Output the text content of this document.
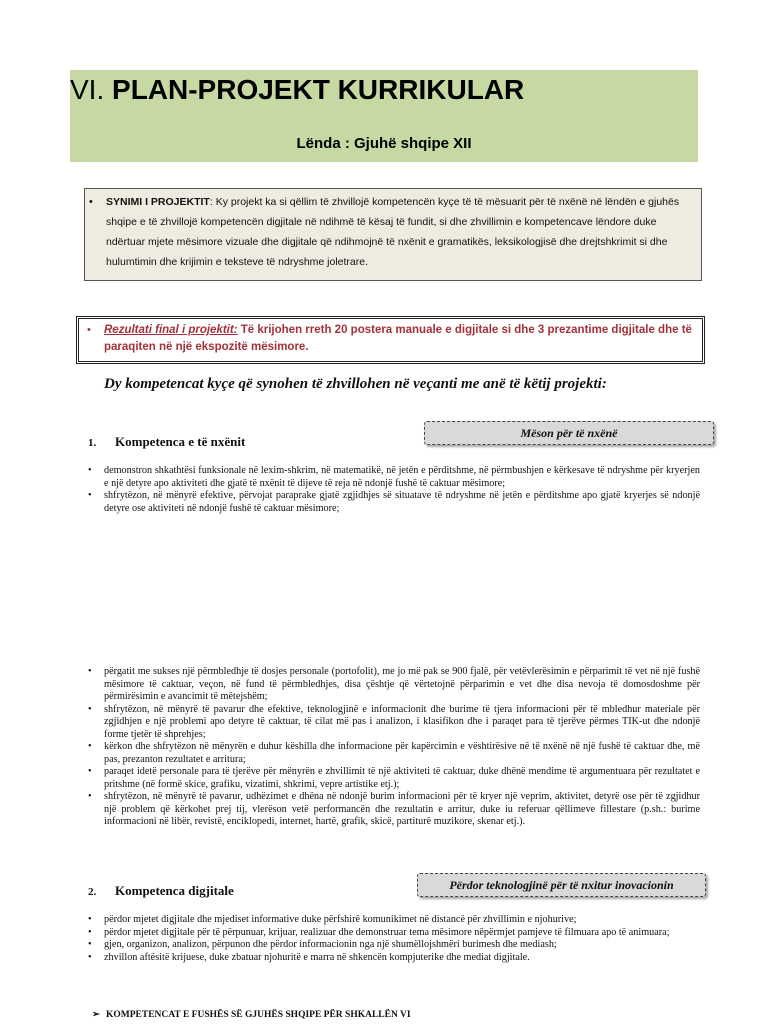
VI. PLAN-PROJEKT KURRIKULAR
Lënda : Gjuhë shqipe XII
• SYNIMI I PROJEKTIT: Ky projekt ka si qëllim të zhvillojë kompetencën kyçe të të mësuarit për të nxënë në lëndën e gjuhës shqipe e të zhvillojë kompetencën digjitale në ndihmë të kësaj të fundit, si dhe zhvillimin e kompetencave lëndore duke ndërtuar mjete mësimore vizuale dhe digjitale që ndihmojnë të nxënit e gramatikës, leksikologjisë dhe drejtshkrimit si dhe hulumtimin dhe krijimin e teksteve të ndryshme joletrare.
• Rezultati final i projektit: Të krijohen rreth 20 postera manuale e digjitale si dhe 3 prezantime digjitale dhe të paraqiten në një ekspozitë mësimore.
Dy kompetencat kyçe që synohen të zhvillohen në veçanti me anë të këtij projekti:
1. Kompetenca e të nxënit
Mëson për të nxënë
• demonstron shkathtësi funksionale në lexim-shkrim, në matematikë, në jetën e përditshme, në përmbushjen e kërkesave të ndryshme për kryerjen e një detyre apo aktiviteti dhe gjatë të nxënit të dijeve të reja në ndonjë fushë të caktuar mësimore;
• shfrytëzon, në mënyrë efektive, përvojat paraprake gjatë zgjidhjes së situatave të ndryshme në jetën e përditshme apo gjatë kryerjes së ndonjë detyre ose aktiviteti në ndonjë fushë të caktuar mësimore;
• përgatit me sukses një përmbledhje të dosjes personale (portofolit), me jo më pak se 900 fjalë, për vetëvlerësimin e përparimit të vet në një fushë mësimore të caktuar, veçon, në fund të përmbledhjes, disa çështje që vërtetojnë përparimin e vet dhe disa nevoja të domosdoshme për përmirësimin e avancimit të mëtejshëm;
• shfrytëzon, në mënyrë të pavarur dhe efektive, teknologjinë e informacionit dhe burime të tjera informacioni për të mbledhur materiale për zgjidhjen e një problemi apo detyre të caktuar, të cilat më pas i analizon, i klasifikon dhe i paraqet para të tjerëve përmes TIK-ut dhe ndonjë forme tjetër të shprehjes;
• kërkon dhe shfrytëzon në mënyrën e duhur këshilla dhe informacione për kapërcimin e vështirësive në të nxënë në një fushë të caktuar dhe, më pas, prezanton rezultatet e arritura;
• paraqet idetë personale para të tjerëve për mënyrën e zhvillimit të një aktiviteti të caktuar, duke dhënë mendime të argumentuara për rezultatet e pritshme (në formë skice, grafiku, vizatimi, shkrimi, vepre artistike etj.);
• shfrytëzon, në mënyrë të pavarur, udhëzimet e dhëna në ndonjë burim informacioni për të kryer një veprim, aktivitet, detyrë ose për të zgjidhur një problem që kërkohet prej tij, vlerëson vetë performancën dhe rezultatin e arritur, duke iu referuar qëllimeve fillestare (p.sh.: burime informacioni në libër, revistë, enciklopedi, internet, hartë, grafik, skicë, partiturë muzikore, skenar etj.).
2. Kompetenca digjitale	Përdor teknologjinë për të nxitur inovacionin
• përdor mjetet digjitale dhe mjediset informative duke përfshirë komunikimet në distancë për zhvillimin e njohurive;
• përdor mjetet digjitale për të përpunuar, krijuar, realizuar dhe demonstruar tema mësimore nëpërmjet pamjeve të filmuara apo të animuara;
• gjen, organizon, analizon, përpunon dhe përdor informacionin nga një shumëllojshmëri burimesh dhe mediash;
• zhvillon aftësitë krijuese, duke zbatuar njohuritë e marra në shkencën kompjuterike dhe mediat digjitale.
➢ KOMPETENCAT E FUSHËS SË GJUHËS SHQIPE PËR SHKALLËN VI
